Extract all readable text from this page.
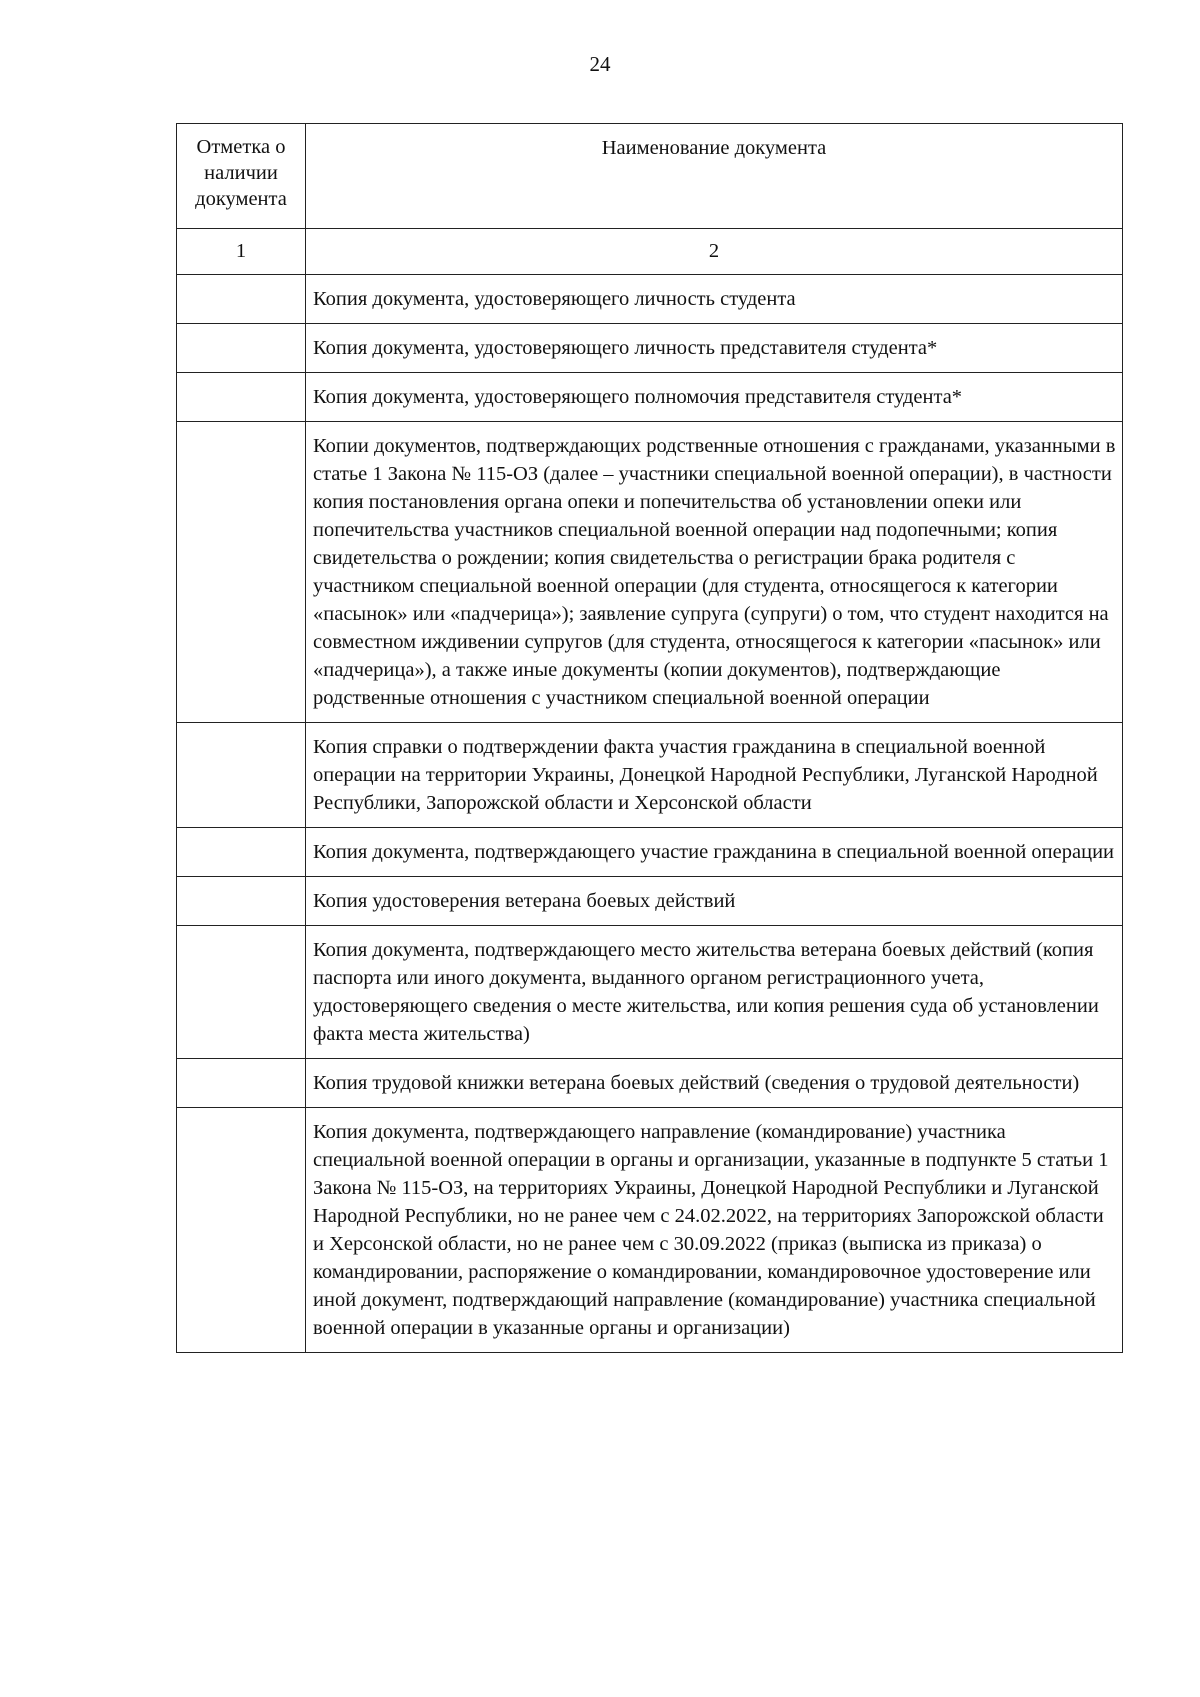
24
Отметка о наличии документа	Наименование документа
1	2
	Копия документа, удостоверяющего личность студента
	Копия документа, удостоверяющего личность представителя студента*
	Копия документа, удостоверяющего полномочия представителя студента*
	Копии документов, подтверждающих родственные отношения с гражданами, указанными в статье 1 Закона № 115-ОЗ (далее – участники специальной военной операции), в частности копия постановления органа опеки и попечительства об установлении опеки или попечительства участников специальной военной операции над подопечными; копия свидетельства о рождении; копия свидетельства о регистрации брака родителя с участником специальной военной операции (для студента, относящегося к категории «пасынок» или «падчерица»); заявление супруга (супруги) о том, что студент находится на совместном иждивении супругов (для студента, относящегося к категории «пасынок» или «падчерица»), а также иные документы (копии документов), подтверждающие родственные отношения с участником специальной военной операции
	Копия справки о подтверждении факта участия гражданина в специальной военной операции на территории Украины, Донецкой Народной Республики, Луганской Народной Республики, Запорожской области и Херсонской области
	Копия документа, подтверждающего участие гражданина в специальной военной операции
	Копия удостоверения ветерана боевых действий
	Копия документа, подтверждающего место жительства ветерана боевых действий (копия паспорта или иного документа, выданного органом регистрационного учета, удостоверяющего сведения о месте жительства, или копия решения суда об установлении факта места жительства)
	Копия трудовой книжки ветерана боевых действий (сведения о трудовой деятельности)
	Копия документа, подтверждающего направление (командирование) участника специальной военной операции в органы и организации, указанные в подпункте 5 статьи 1 Закона № 115-ОЗ, на территориях Украины, Донецкой Народной Республики и Луганской Народной Республики, но не ранее чем с 24.02.2022, на территориях Запорожской области и Херсонской области, но не ранее чем с 30.09.2022 (приказ (выписка из приказа) о командировании, распоряжение о командировании, командировочное удостоверение или иной документ, подтверждающий направление (командирование) участника специальной военной операции в указанные органы и организации)
